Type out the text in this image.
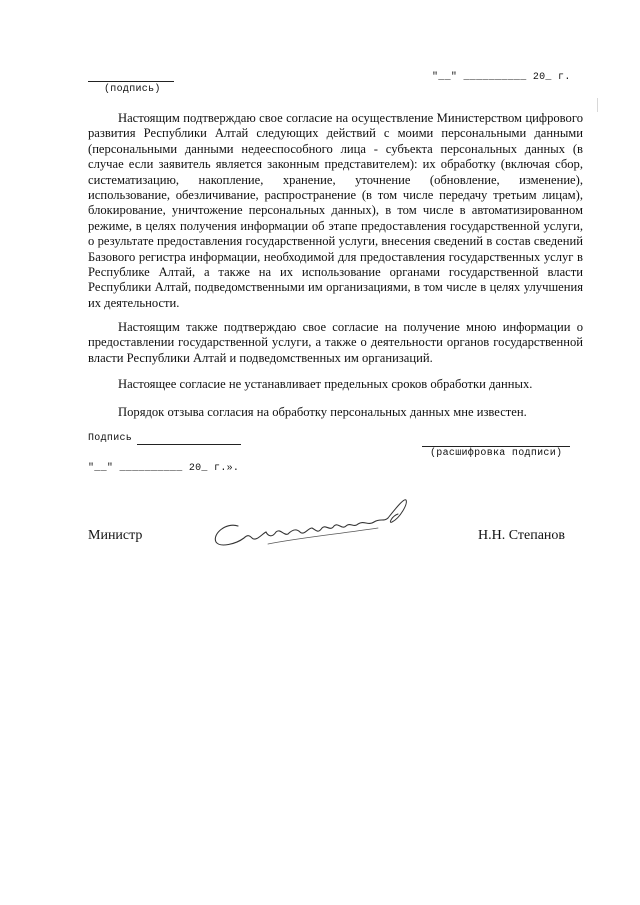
(подпись)
"__" __________ 20_ г.

Настоящим подтверждаю свое согласие на осуществление Министерством цифрового развития Республики Алтай следующих действий с моими персональными данными (персональными данными недееспособного лица - субъекта персональных данных (в случае если заявитель является законным представителем): их обработку (включая сбор, систематизацию, накопление, хранение, уточнение (обновление, изменение), использование, обезличивание, распространение (в том числе передачу третьим лицам), блокирование, уничтожение персональных данных), в том числе в автоматизированном режиме, в целях получения информации об этапе предоставления государственной услуги, о результате предоставления государственной услуги, внесения сведений в состав сведений Базового регистра информации, необходимой для предоставления государственных услуг в Республике Алтай, а также на их использование органами государственной власти Республики Алтай, подведомственными им организациями, в том числе в целях улучшения их деятельности.

Настоящим также подтверждаю свое согласие на получение мною информации о предоставлении государственной услуги, а также о деятельности органов государственной власти Республики Алтай и подведомственных им организаций.

Настоящее согласие не устанавливает предельных сроков обработки данных.

Порядок отзыва согласия на обработку персональных данных мне известен.

Подпись
(расшифровка подписи)
"__" __________ 20_ г.».
Министр	Н.Н. Степанов
